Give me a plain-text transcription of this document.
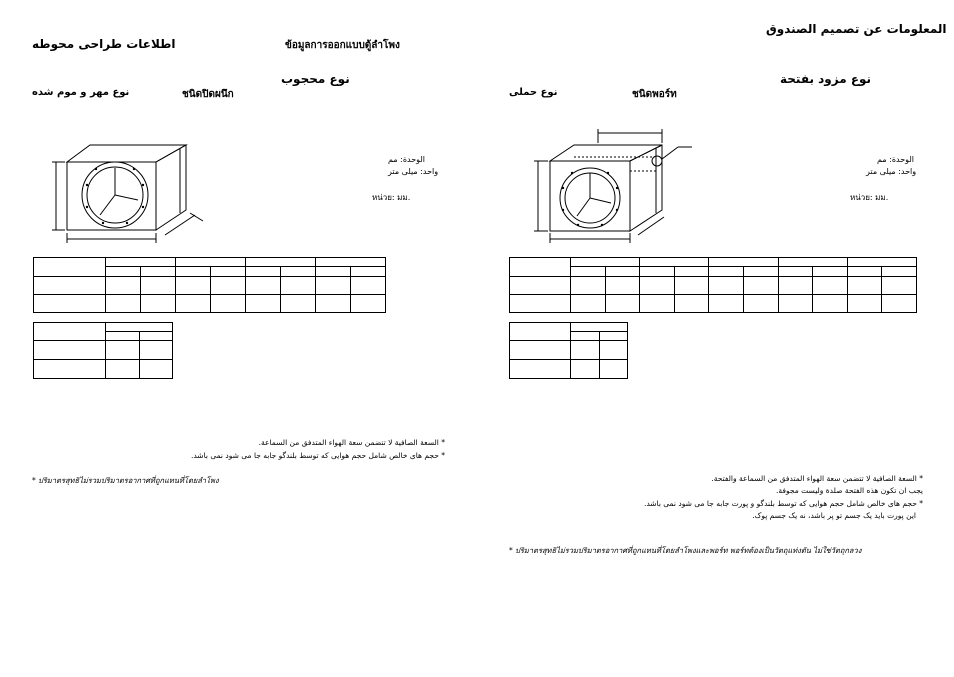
المعلومات عن تصميم الصندوق
اطلاعات طراحی محوطه	ข้อมูลการออกแบบตู้ลำโพง
نوع محجوب
نوع مهر و موم شده	ชนิดปิดผนึก
نوع مزود بفتحة
نوع حملی	ชนิดพอร์ท
الوحدة: مم
واحد: میلی متر
หน่วย: มม.
الوحدة: مم
واحد: میلی متر
หน่วย: มม.

* السعة الصافية لا تتضمن سعة الهواء المتدفق من السماعة.
* حجم های خالص شامل حجم هوایی که توسط بلندگو جابه جا می شود نمی باشد.
* ปริมาตรสุทธิไม่รวมปริมาตรอากาศที่ถูกแทนที่โดยลำโพง	* السعة الصافية لا تتضمن سعة الهواء المتدفق من السماعة والفتحة.
يجب ان تكون هذه الفتحة صلدة وليست مجوفة.
* حجم های خالص شامل حجم هوایی که توسط بلندگو و پورت جابه جا می شود نمی باشد.
این پورت باید یک جسم تو پر باشد، نه یک جسم پوک.
* ปริมาตรสุทธิไม่รวมปริมาตรอากาศที่ถูกแทนที่โดยลำโพงและพอร์ท พอร์ทต้องเป็นวัตถุแท่งตัน ไม่ใช่วัตถุกลวง
